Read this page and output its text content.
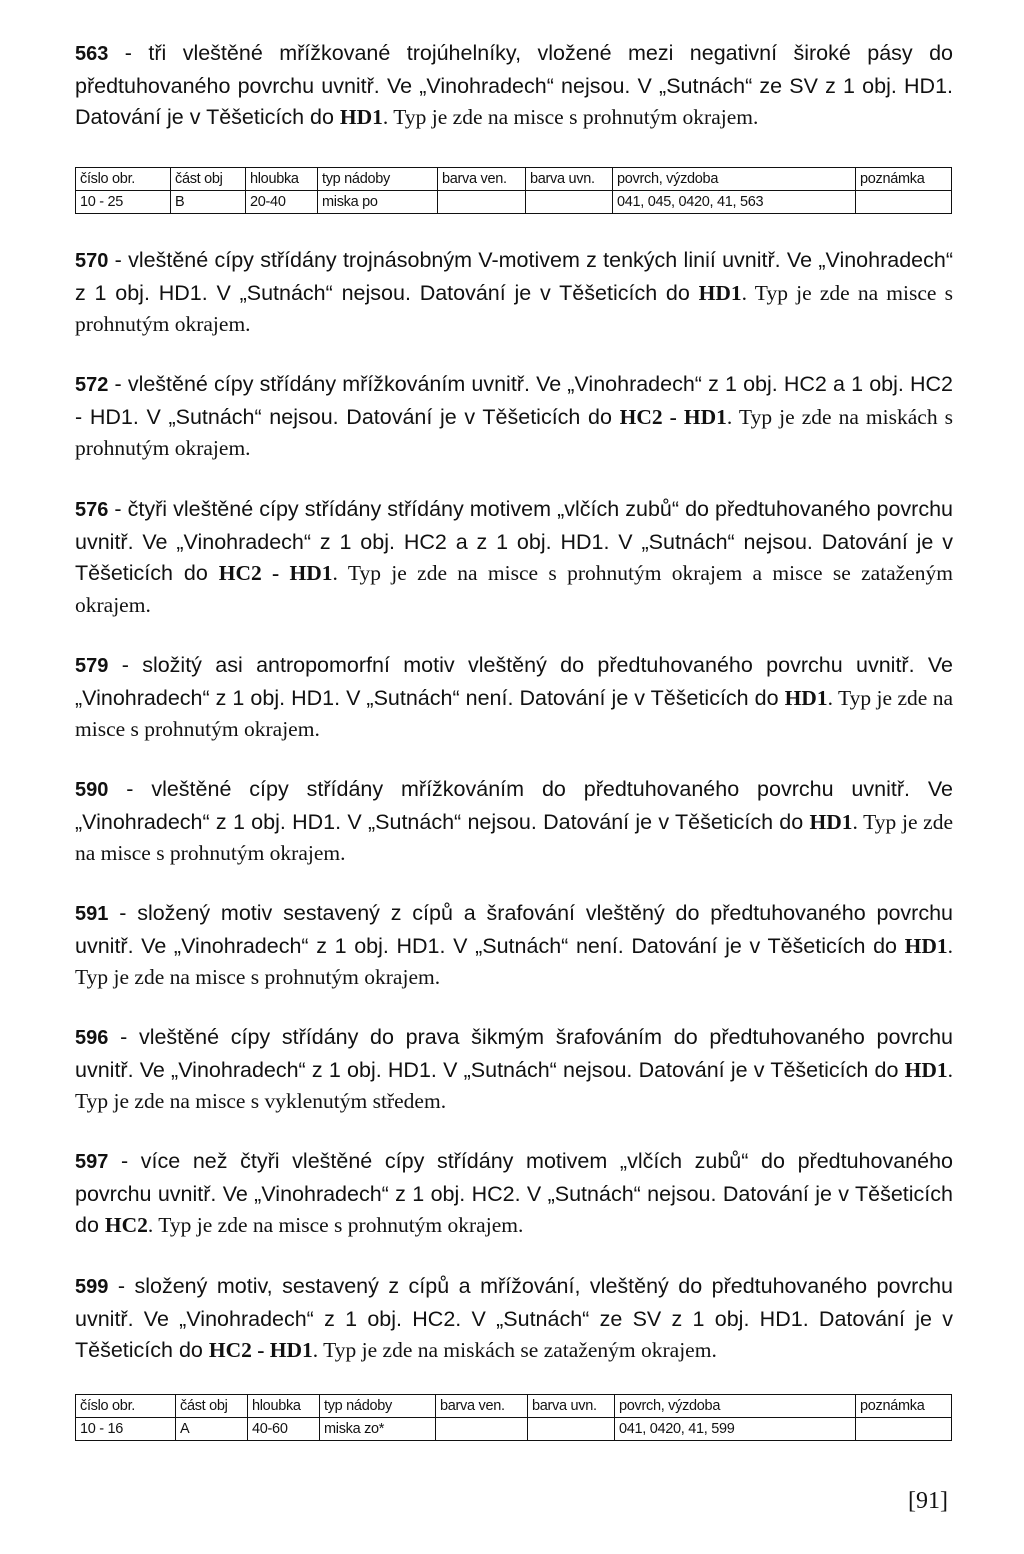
563 - tři vleštěné mřížkované trojúhelníky, vložené mezi negativní široké pásy do předtuhovaného povrchu uvnitř. Ve „Vinohradech“ nejsou. V „Sutnách“ ze SV z 1 obj. HD1. Datování je v Těšeticích do HD1. Typ je zde na misce s prohnutým okrajem.

číslo obr.	část obj	hloubka	typ nádoby	barva ven.	barva uvn.	povrch, výzdoba	poznámka
10 - 25	B	20-40	miska po			041, 045, 0420, 41, 563	

570 - vleštěné cípy střídány trojnásobným V-motivem z tenkých linií uvnitř. Ve „Vinohradech“ z 1 obj. HD1. V „Sutnách“ nejsou. Datování je v Těšeticích do HD1. Typ je zde na misce s prohnutým okrajem.

572 - vleštěné cípy střídány mřížkováním uvnitř. Ve „Vinohradech“ z 1 obj. HC2 a 1 obj. HC2 - HD1. V „Sutnách“ nejsou. Datování je v Těšeticích do HC2 - HD1. Typ je zde na miskách s prohnutým okrajem.

576 - čtyři vleštěné cípy střídány střídány motivem „vlčích zubů“ do předtuhovaného povrchu uvnitř. Ve „Vinohradech“ z 1 obj. HC2 a z 1 obj. HD1. V „Sutnách“ nejsou. Datování je v Těšeticích do HC2 - HD1. Typ je zde na misce s prohnutým okrajem a misce se zataženým okrajem.

579 - složitý asi antropomorfní motiv vleštěný do předtuhovaného povrchu uvnitř. Ve „Vinohradech“ z 1 obj. HD1. V „Sutnách“ není. Datování je v Těšeticích do HD1. Typ je zde na misce s prohnutým okrajem.

590 - vleštěné cípy střídány mřížkováním do předtuhovaného povrchu uvnitř. Ve „Vinohradech“ z 1 obj. HD1. V „Sutnách“ nejsou. Datování je v Těšeticích do HD1. Typ je zde na misce s prohnutým okrajem.

591 - složený motiv sestavený z cípů a šrafování vleštěný do předtuhovaného povrchu uvnitř. Ve „Vinohradech“ z 1 obj. HD1. V „Sutnách“ není. Datování je v Těšeticích do HD1. Typ je zde na misce s prohnutým okrajem.

596 - vleštěné cípy střídány do prava šikmým šrafováním do předtuhovaného povrchu uvnitř. Ve „Vinohradech“ z 1 obj. HD1. V „Sutnách“ nejsou. Datování je v Těšeticích do HD1. Typ je zde na misce s vyklenutým středem.

597 - více než čtyři vleštěné cípy střídány motivem „vlčích zubů“ do předtuhovaného povrchu uvnitř. Ve „Vinohradech“ z 1 obj. HC2. V „Sutnách“ nejsou. Datování je v Těšeticích do HC2. Typ je zde na misce s prohnutým okrajem.

599 - složený motiv, sestavený z cípů a mřížování, vleštěný do předtuhovaného povrchu uvnitř. Ve „Vinohradech“ z 1 obj. HC2. V „Sutnách“ ze SV z 1 obj. HD1. Datování je v Těšeticích do HC2 - HD1. Typ je zde na miskách se zataženým okrajem.

číslo obr.	část obj	hloubka	typ nádoby	barva ven.	barva uvn.	povrch, výzdoba	poznámka
10 - 16	A	40-60	miska zo*			041, 0420, 41, 599	
[91]
